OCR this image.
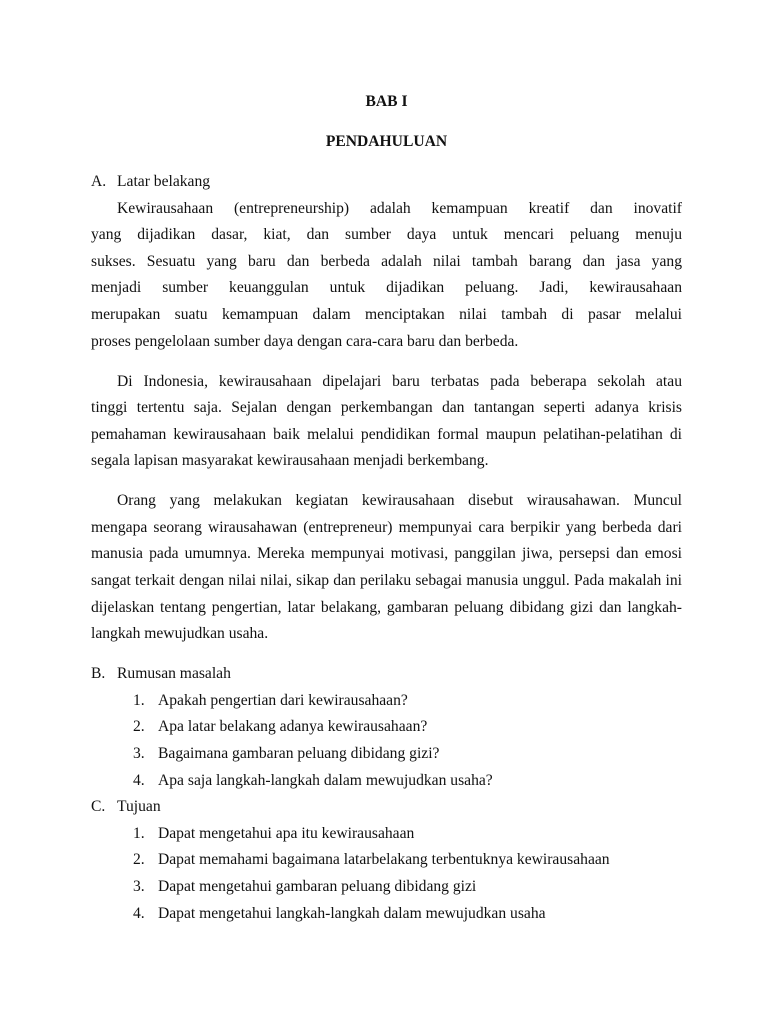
BAB I
PENDAHULUAN
A. Latar belakang
Kewirausahaan (entrepreneurship) adalah kemampuan kreatif dan inovatif
yang dijadikan dasar, kiat, dan sumber daya untuk mencari peluang menuju
sukses. Sesuatu yang baru dan berbeda adalah nilai tambah barang dan jasa yang
menjadi sumber keuanggulan untuk dijadikan peluang. Jadi, kewirausahaan
merupakan suatu kemampuan dalam menciptakan nilai tambah di pasar melalui
proses pengelolaan sumber daya dengan cara-cara baru dan berbeda.
Di Indonesia, kewirausahaan dipelajari baru terbatas pada beberapa sekolah atau
tinggi tertentu saja. Sejalan dengan perkembangan dan tantangan seperti adanya krisis
pemahaman kewirausahaan baik melalui pendidikan formal maupun pelatihan-pelatihan di
segala lapisan masyarakat kewirausahaan menjadi berkembang.
Orang yang melakukan kegiatan kewirausahaan disebut wirausahawan. Muncul
mengapa seorang wirausahawan (entrepreneur) mempunyai cara berpikir yang berbeda dari
manusia pada umumnya. Mereka mempunyai motivasi, panggilan jiwa, persepsi dan emosi
sangat terkait dengan nilai nilai, sikap dan perilaku sebagai manusia unggul. Pada makalah ini
dijelaskan tentang pengertian, latar belakang, gambaran peluang dibidang gizi dan langkah-
langkah mewujudkan usaha.
B. Rumusan masalah
1. Apakah pengertian dari kewirausahaan?
2. Apa latar belakang adanya kewirausahaan?
3. Bagaimana gambaran peluang dibidang gizi?
4. Apa saja langkah-langkah dalam mewujudkan usaha?
C. Tujuan
1. Dapat mengetahui apa itu kewirausahaan
2. Dapat memahami bagaimana latarbelakang terbentuknya kewirausahaan
3. Dapat mengetahui gambaran peluang dibidang gizi
4. Dapat mengetahui langkah-langkah dalam mewujudkan usaha
